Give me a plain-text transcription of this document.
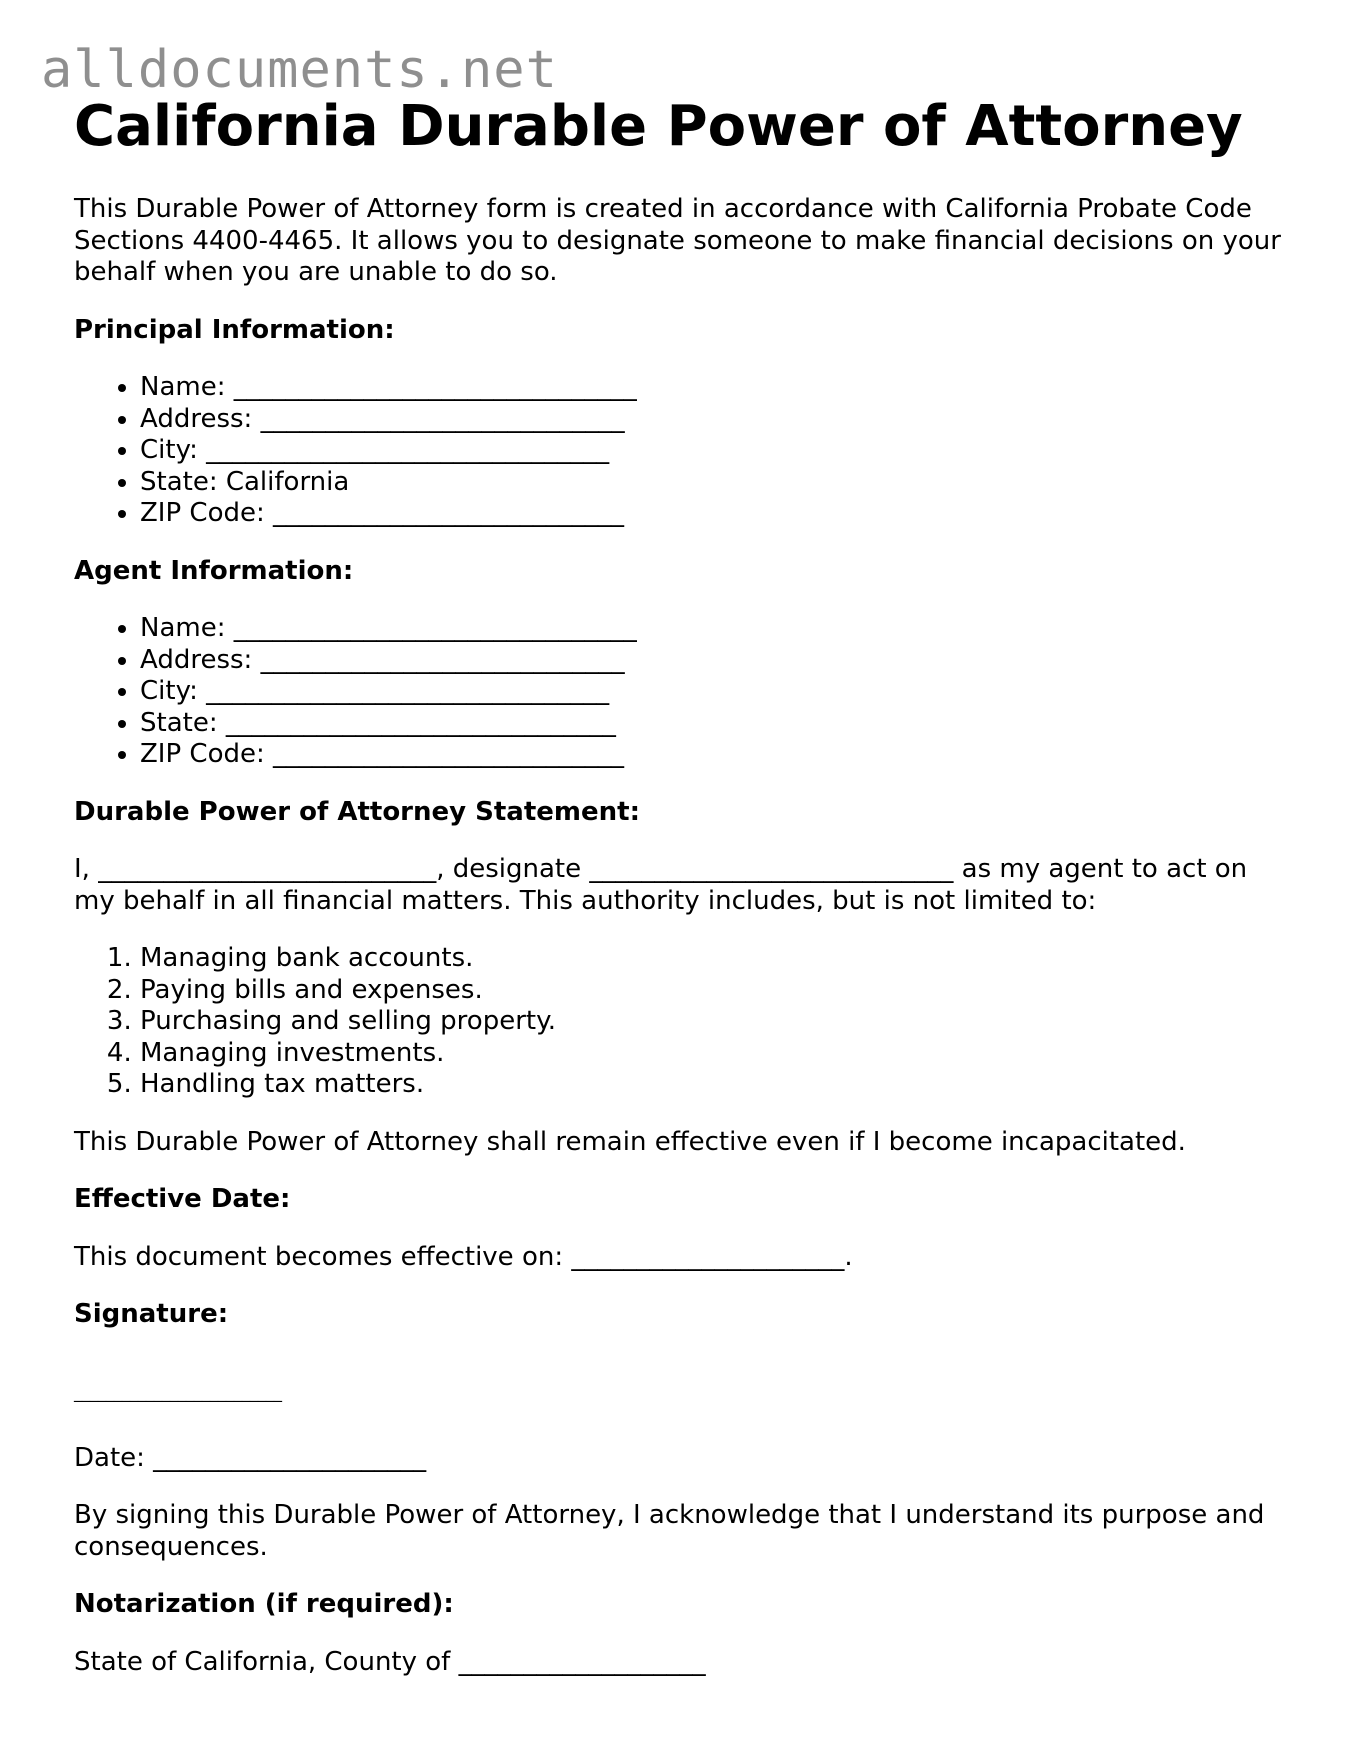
alldocuments.net
California Durable Power of Attorney

This Durable Power of Attorney form is created in accordance with California Probate Code Sections 4400-4465. It allows you to designate someone to make financial decisions on your behalf when you are unable to do so.

Principal Information:

• Name: _______________________________
• Address: ____________________________
• City: _______________________________
• State: California
• ZIP Code: ___________________________

Agent Information:

• Name: _______________________________
• Address: ____________________________
• City: _______________________________
• State: ______________________________
• ZIP Code: ___________________________

Durable Power of Attorney Statement:

I, __________________________, designate ____________________________ as my agent to act on my behalf in all financial matters. This authority includes, but is not limited to:

1. Managing bank accounts.
2. Paying bills and expenses.
3. Purchasing and selling property.
4. Managing investments.
5. Handling tax matters.

This Durable Power of Attorney shall remain effective even if I become incapacitated.

Effective Date:

This document becomes effective on: _____________________.

Signature:

__________________________

Date: _____________________

By signing this Durable Power of Attorney, I acknowledge that I understand its purpose and consequences.

Notarization (if required):

State of California, County of ___________________
